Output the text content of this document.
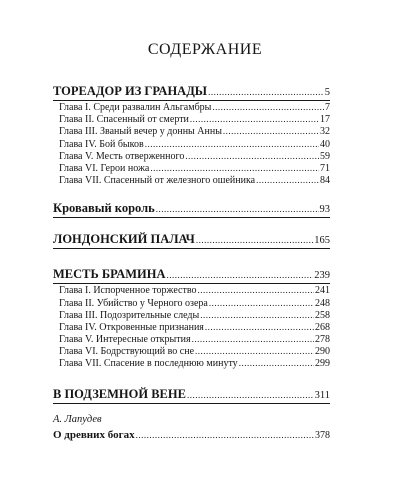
СОДЕРЖАНИЕ
ТОРЕАДОР ИЗ ГРАНАДЫ .....	5
Глава I. Среди развалин Альгамбры .....	7
Глава II. Спасенный от смерти .....	17
Глава III. Званый вечер у донны Анны .....	32
Глава IV. Бой быков .....	40
Глава V. Месть отверженного .....	59
Глава VI. Герои ножа .....	71
Глава VII. Спасенный от железного ошейника .....	84
Кровавый король .....	93
ЛОНДОНСКИЙ ПАЛАЧ .....	165
МЕСТЬ БРАМИНА .....	239
Глава I. Испорченное торжество .....	241
Глава II. Убийство у Черного озера .....	248
Глава III. Подозрительные следы .....	258
Глава IV. Откровенные признания .....	268
Глава V. Интересные открытия .....	278
Глава VI. Бодрствующий во сне .....	290
Глава VII. Спасение в последнюю минуту .....	299
В ПОДЗЕМНОЙ ВЕНЕ .....	311
А. Лапудев
О древних богах .....	378
